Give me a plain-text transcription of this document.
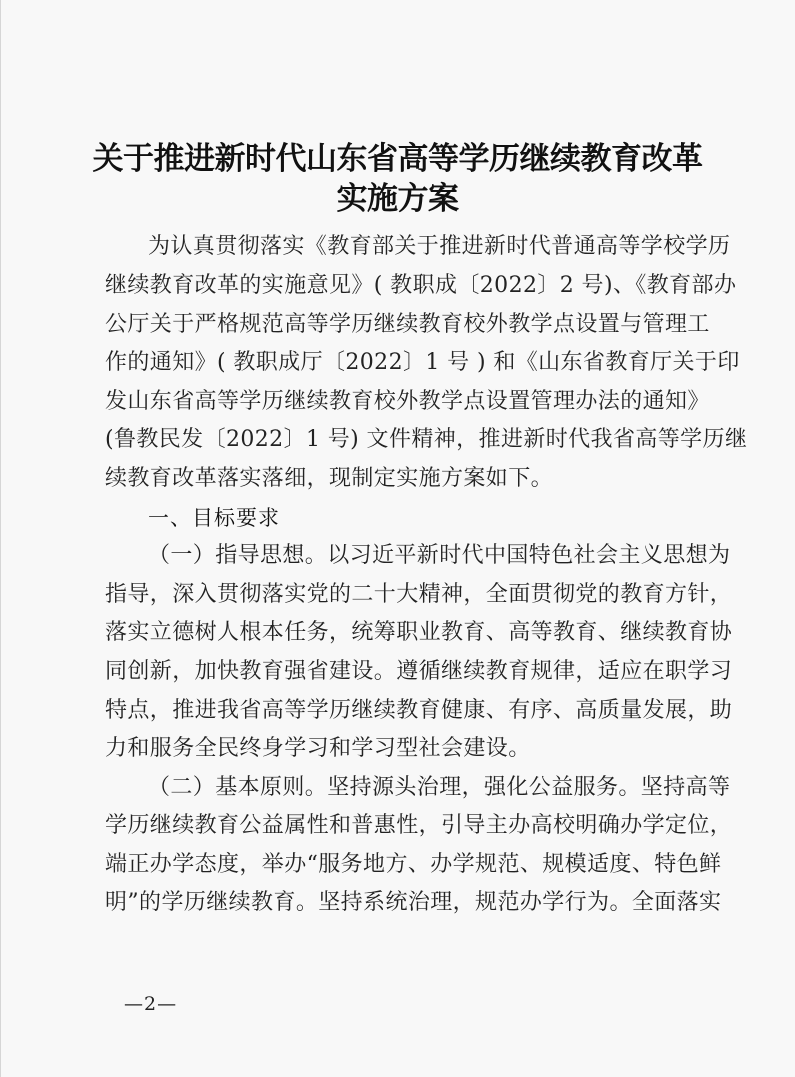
关于推进新时代山东省高等学历继续教育改革
实施方案
为认真贯彻落实《教育部关于推进新时代普通高等学校学历
继续教育改革的实施意见》( 教职成〔2022〕2 号)、《教育部办
公厅关于严格规范高等学历继续教育校外教学点设置与管理工
作的通知》( 教职成厅〔2022〕1 号 ) 和《山东省教育厅关于印
发山东省高等学历继续教育校外教学点设置管理办法的通知》
(鲁教民发〔2022〕1 号) 文件精神，推进新时代我省高等学历继
续教育改革落实落细，现制定实施方案如下。
一、目标要求
（一）指导思想。以习近平新时代中国特色社会主义思想为
指导，深入贯彻落实党的二十大精神，全面贯彻党的教育方针，
落实立德树人根本任务，统筹职业教育、高等教育、继续教育协
同创新，加快教育强省建设。遵循继续教育规律，适应在职学习
特点，推进我省高等学历继续教育健康、有序、高质量发展，助
力和服务全民终身学习和学习型社会建设。
（二）基本原则。坚持源头治理，强化公益服务。坚持高等
学历继续教育公益属性和普惠性，引导主办高校明确办学定位，
端正办学态度，举办“服务地方、办学规范、规模适度、特色鲜
明”的学历继续教育。坚持系统治理，规范办学行为。全面落实
—2—
